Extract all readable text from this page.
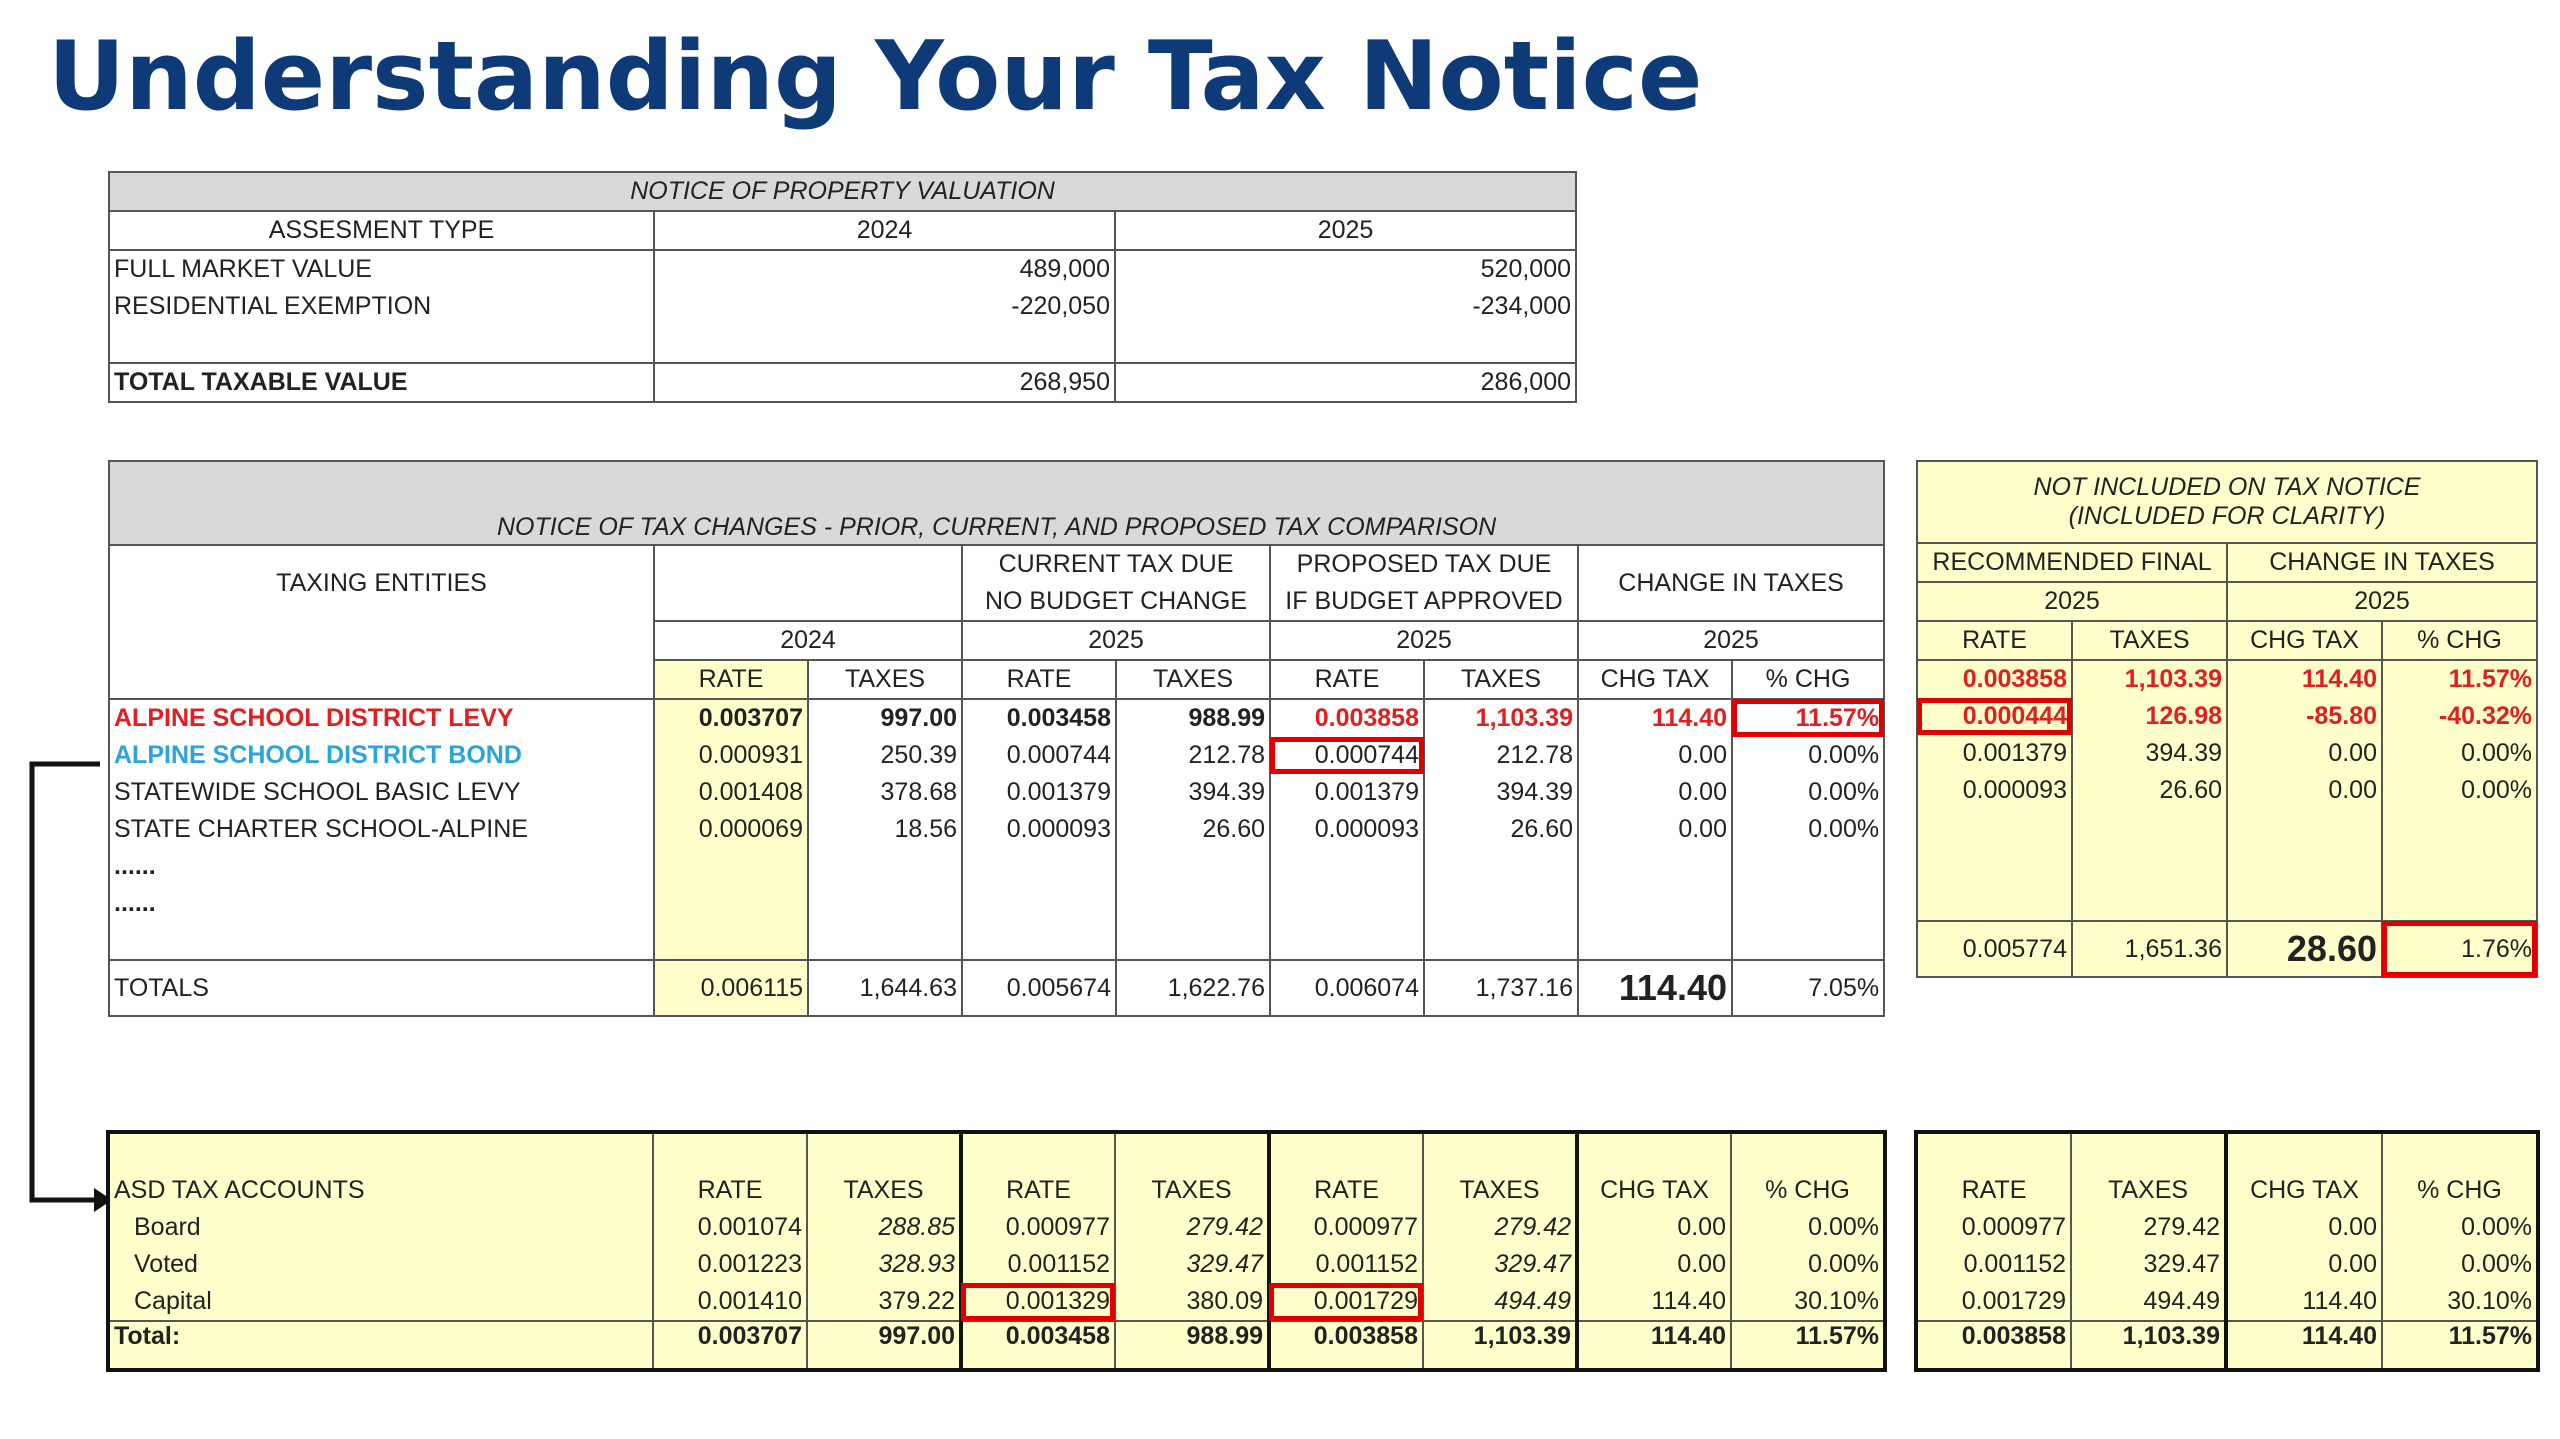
Understanding Your Tax Notice
NOTICE OF PROPERTY VALUATION		
ASSESMENT TYPE	2024	2025
FULL MARKET VALUE	489,000	520,000
RESIDENTIAL EXEMPTION	-220,050	-234,000

TOTAL TAXABLE VALUE	268,950	286,000
NOTICE OF TAX CHANGES - PRIOR, CURRENT, AND PROPOSED TAX COMPARISON								
TAXING ENTITIES			CURRENT TAX DUE		PROPOSED TAX DUE		CHANGE IN TAXES	
			NO BUDGET CHANGE		IF BUDGET APPROVED			
	2024		2025		2025		2025	
	RATE	TAXES	RATE	TAXES	RATE	TAXES	CHG TAX	% CHG
ALPINE SCHOOL DISTRICT LEVY	0.003707	997.00	0.003458	988.99	0.003858	1,103.39	114.40	11.57%
ALPINE SCHOOL DISTRICT BOND	0.000931	250.39	0.000744	212.78	0.000744	212.78	0.00	0.00%
STATEWIDE SCHOOL BASIC LEVY	0.001408	378.68	0.001379	394.39	0.001379	394.39	0.00	0.00%
STATE CHARTER SCHOOL-ALPINE	0.000069	18.56	0.000093	26.60	0.000093	26.60	0.00	0.00%
......								
......								

TOTALS	0.006115	1,644.63	0.005674	1,622.76	0.006074	1,737.16	114.40	7.05%
NOT INCLUDED ON TAX NOTICE			
(INCLUDED FOR CLARITY)			
RECOMMENDED FINAL		CHANGE IN TAXES	

2025		2025	
RATE	TAXES	CHG TAX	% CHG
0.003858	1,103.39	114.40	11.57%
0.000444	126.98	-85.80	-40.32%
0.001379	394.39	0.00	0.00%
0.000093	26.60	0.00	0.00%

0.005774	1,651.36	28.60	1.76%

ASD TAX ACCOUNTS	RATE	TAXES	RATE	TAXES	RATE	TAXES	CHG TAX	% CHG
Board	0.001074	288.85	0.000977	279.42	0.000977	279.42	0.00	0.00%
Voted	0.001223	328.93	0.001152	329.47	0.001152	329.47	0.00	0.00%
Capital	0.001410	379.22	0.001329	380.09	0.001729	494.49	114.40	30.10%
Total:	0.003707	997.00	0.003458	988.99	0.003858	1,103.39	114.40	11.57%

RATE	TAXES	CHG TAX	% CHG
0.000977	279.42	0.00	0.00%
0.001152	329.47	0.00	0.00%
0.001729	494.49	114.40	30.10%
0.003858	1,103.39	114.40	11.57%
